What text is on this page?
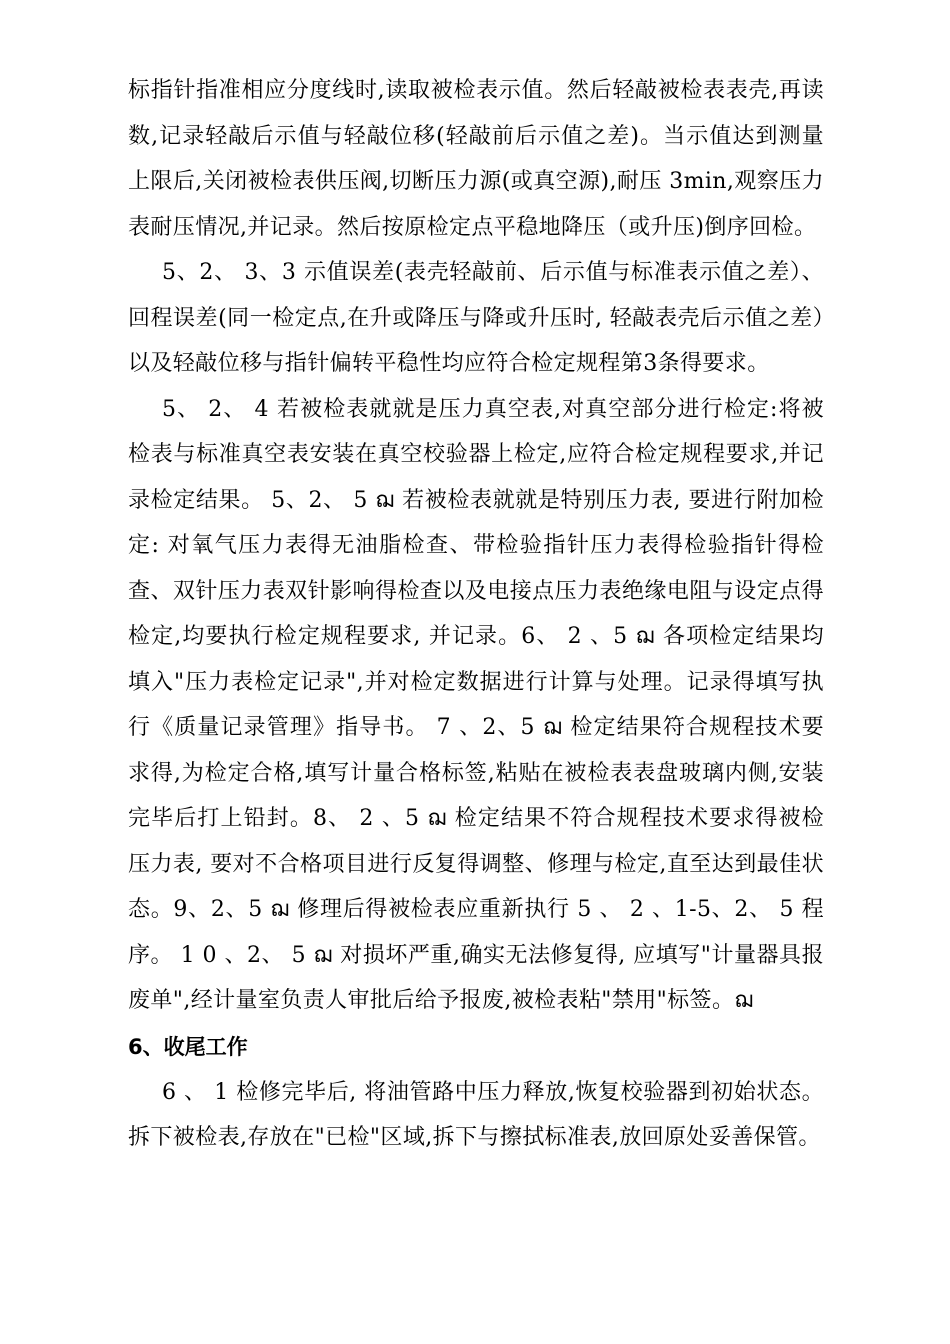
标指针指准相应分度线时,读取被检表示值。然后轻敲被检表表壳,再读数,记录轻敲后示值与轻敲位移(轻敲前后示值之差)。当示值达到测量上限后,关闭被检表供压阀,切断压力源(或真空源),耐压 3min,观察压力表耐压情况,并记录。然后按原检定点平稳地降压（或升压)倒序回检。

5、2、 3、3 示值误差(表壳轻敲前、后示值与标准表示值之差）、回程误差(同一检定点,在升或降压与降或升压时, 轻敲表壳后示值之差）以及轻敲位移与指针偏转平稳性均应符合检定规程第3条得要求。

5、 2、 4 若被检表就就是压力真空表,对真空部分进行检定:将被检表与标准真空表安装在真空校验器上检定,应符合检定规程要求,并记录检定结果。 5、2、 5 ฌ 若被检表就就是特别压力表, 要进行附加检定: 对氧气压力表得无油脂检查、带检验指针压力表得检验指针得检查、双针压力表双针影响得检查以及电接点压力表绝缘电阻与设定点得检定,均要执行检定规程要求, 并记录。6、 2 、5 ฌ 各项检定结果均填入"压力表检定记录",并对检定数据进行计算与处理。记录得填写执行《质量记录管理》指导书。 7 、2、5 ฌ 检定结果符合规程技术要求得,为检定合格,填写计量合格标签,粘贴在被检表表盘玻璃内侧,安装完毕后打上铅封。8、 2 、5 ฌ 检定结果不符合规程技术要求得被检压力表, 要对不合格项目进行反复得调整、修理与检定,直至达到最佳状态。9、2、5 ฌ 修理后得被检表应重新执行 5 、 2 、1-5、2、 5 程序。 1 0 、2、 5 ฌ 对损坏严重,确实无法修复得, 应填写"计量器具报废单",经计量室负责人审批后给予报废,被检表粘"禁用"标签。ฌ

6、收尾工作

6 、 1 检修完毕后, 将油管路中压力释放,恢复校验器到初始状态。拆下被检表,存放在"已检"区域,拆下与擦拭标准表,放回原处妥善保管。
